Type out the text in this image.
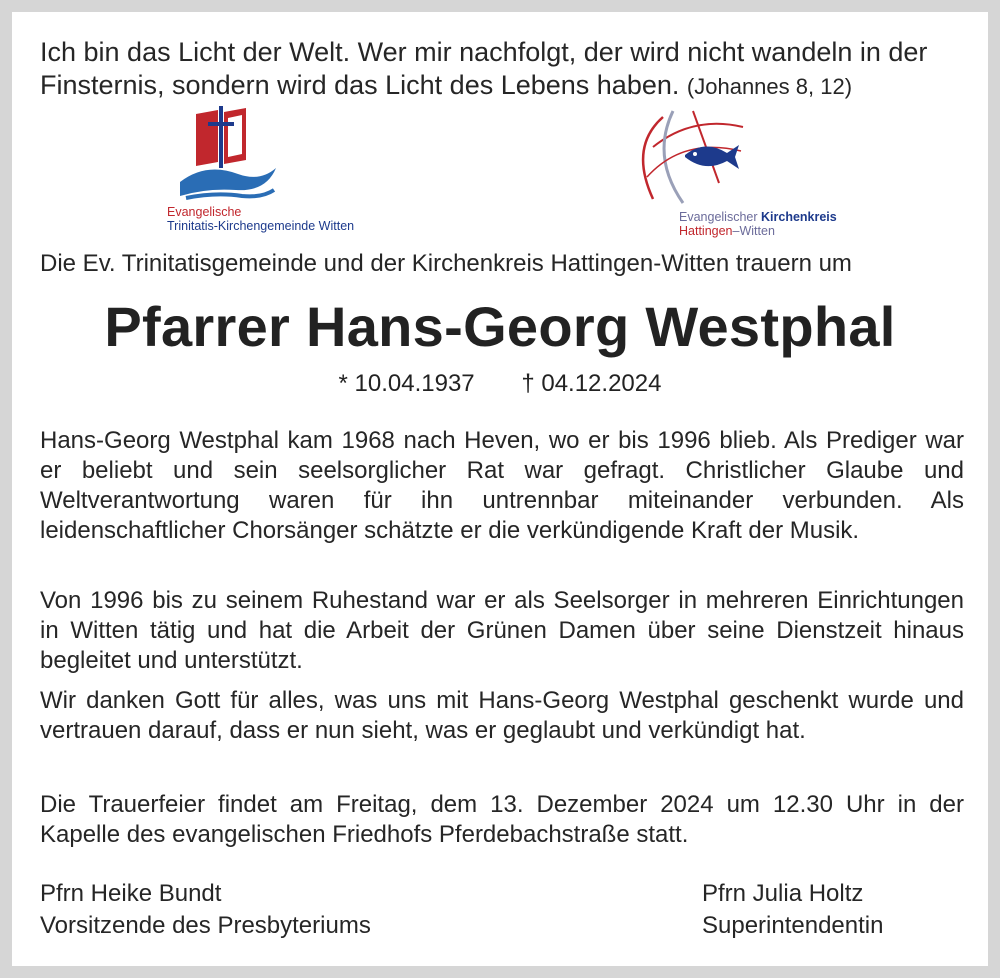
Ich bin das Licht der Welt. Wer mir nachfolgt, der wird nicht wandeln in der Finsternis, sondern wird das Licht des Lebens haben. (Johannes 8, 12)
Evangelische
Trinitatis-Kirchengemeinde Witten
Evangelischer Kirchenkreis
Hattingen–Witten
Die Ev. Trinitatisgemeinde und der Kirchenkreis Hattingen-Witten trauern um
Pfarrer Hans-Georg Westphal
* 10.04.1937 † 04.12.2024
Hans-Georg Westphal kam 1968 nach Heven, wo er bis 1996 blieb. Als Prediger war er beliebt und sein seelsorglicher Rat war gefragt. Christlicher Glaube und Weltverantwortung waren für ihn untrennbar miteinander verbunden. Als leidenschaftlicher Chorsänger schätzte er die verkündigende Kraft der Musik.
Von 1996 bis zu seinem Ruhestand war er als Seelsorger in mehreren Einrichtungen in Witten tätig und hat die Arbeit der Grünen Damen über seine Dienstzeit hinaus begleitet und unterstützt.
Wir danken Gott für alles, was uns mit Hans-Georg Westphal geschenkt wurde und vertrauen darauf, dass er nun sieht, was er geglaubt und verkündigt hat.
Die Trauerfeier findet am Freitag, dem 13. Dezember 2024 um 12.30 Uhr in der Kapelle des evangelischen Friedhofs Pferdebachstraße statt.
Pfrn Heike Bundt
Vorsitzende des Presbyteriums
Pfrn Julia Holtz
Superintendentin
